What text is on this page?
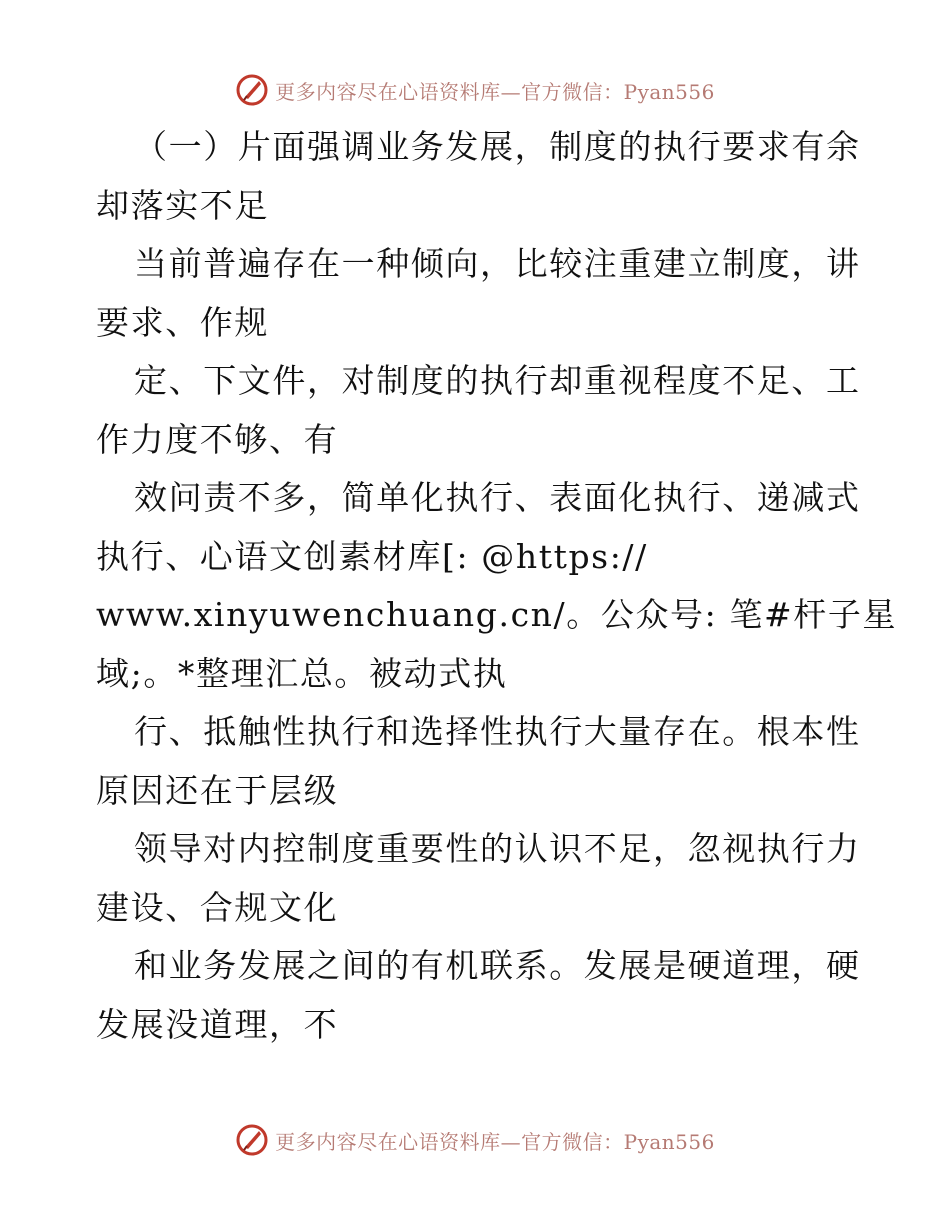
更多内容尽在心语资料库—官方微信：Pyan556
（一）片面强调业务发展，制度的执行要求有余
却落实不足
当前普遍存在一种倾向，比较注重建立制度，讲
要求、作规
定、下文件，对制度的执行却重视程度不足、工
作力度不够、有
效问责不多，简单化执行、表面化执行、递减式
执行、心语文创素材库[: @https://
www.xinyuwenchuang.cn/。公众号: 笔#杆子星
域;。*整理汇总。被动式执
行、抵触性执行和选择性执行大量存在。根本性
原因还在于层级
领导对内控制度重要性的认识不足，忽视执行力
建设、合规文化
和业务发展之间的有机联系。发展是硬道理，硬
发展没道理，不
更多内容尽在心语资料库—官方微信：Pyan556
